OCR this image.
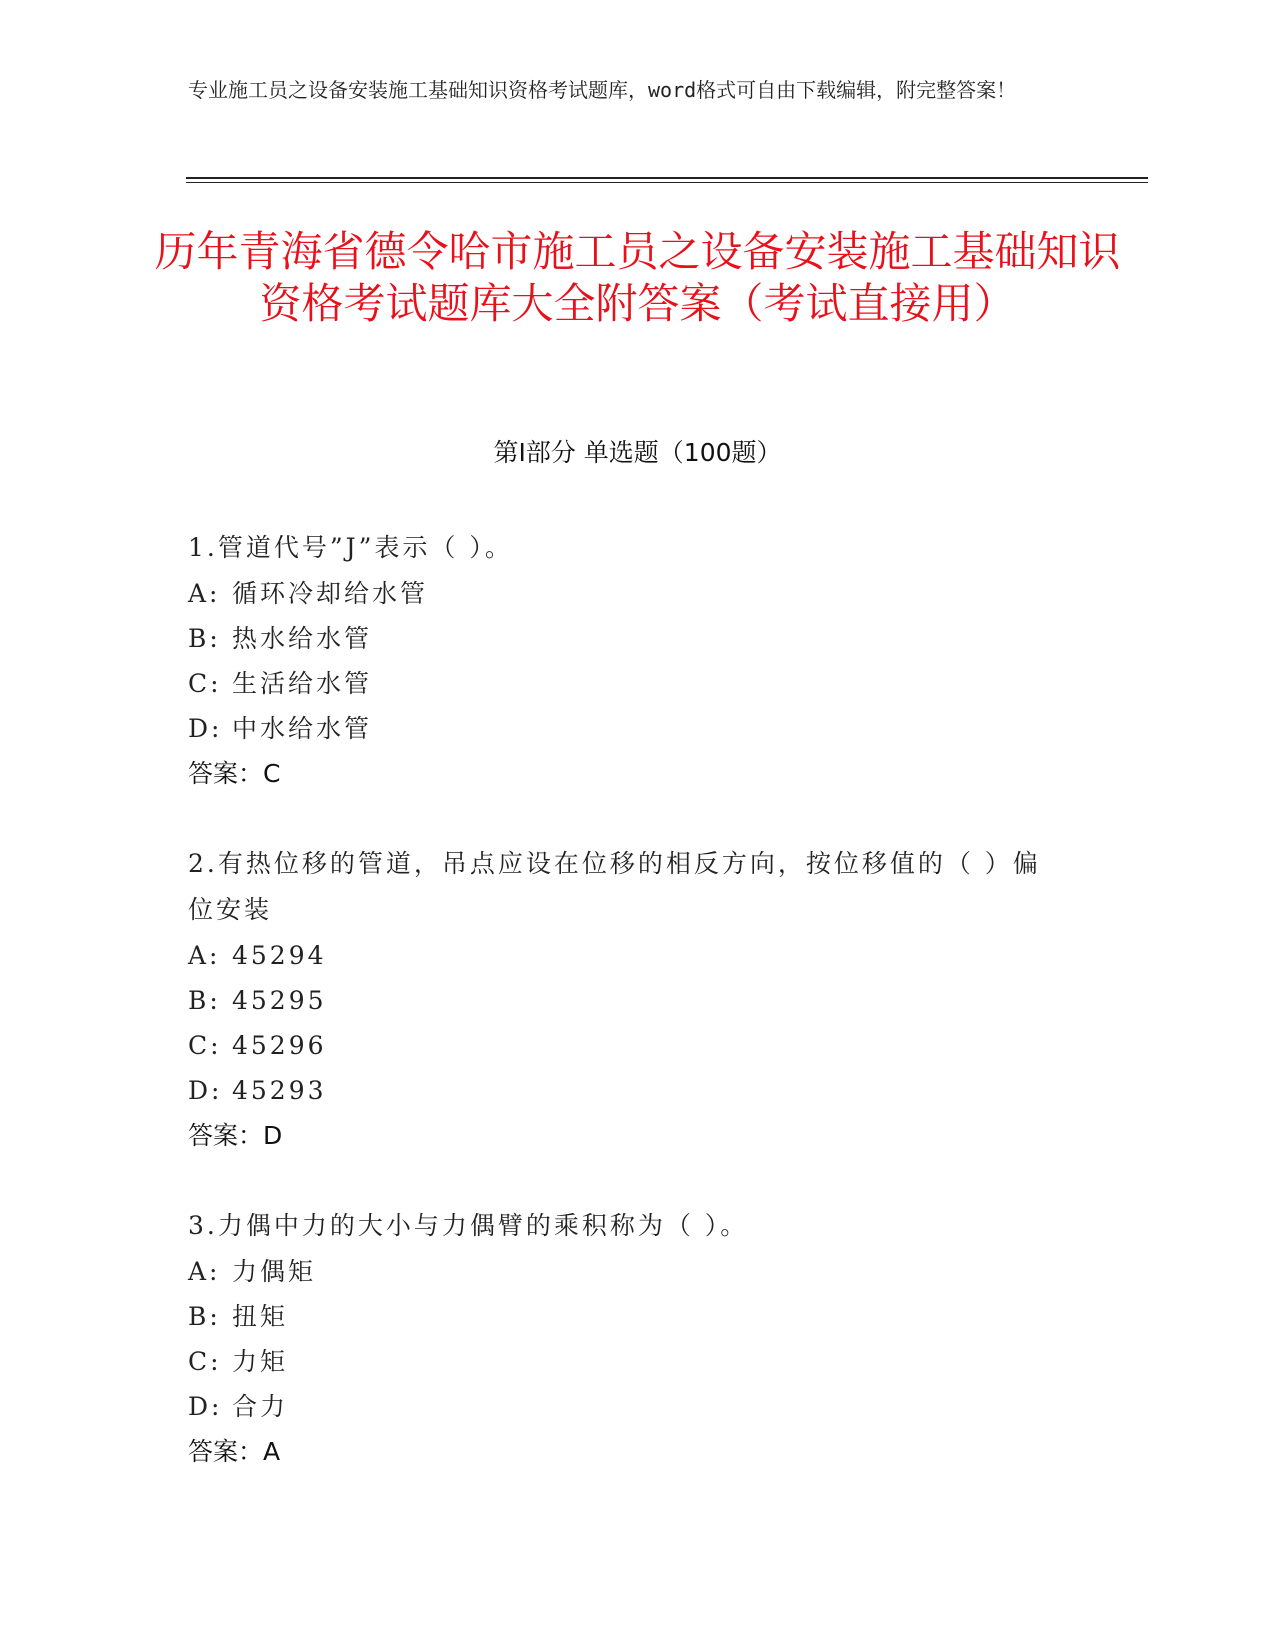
专业施工员之设备安装施工基础知识资格考试题库，word格式可自由下载编辑，附完整答案！
历年青海省德令哈市施工员之设备安装施工基础知识资格考试题库大全附答案（考试直接用）
第I部分 单选题（100题）
1.管道代号”J”表示（ ）。
A: 循环冷却给水管
B: 热水给水管
C: 生活给水管
D: 中水给水管
答案：C
2.有热位移的管道，吊点应设在位移的相反方向，按位移值的（ ）偏位安装
A: 45294
B: 45295
C: 45296
D: 45293
答案：D
3.力偶中力的大小与力偶臂的乘积称为（ ）。
A: 力偶矩
B: 扭矩
C: 力矩
D: 合力
答案：A
